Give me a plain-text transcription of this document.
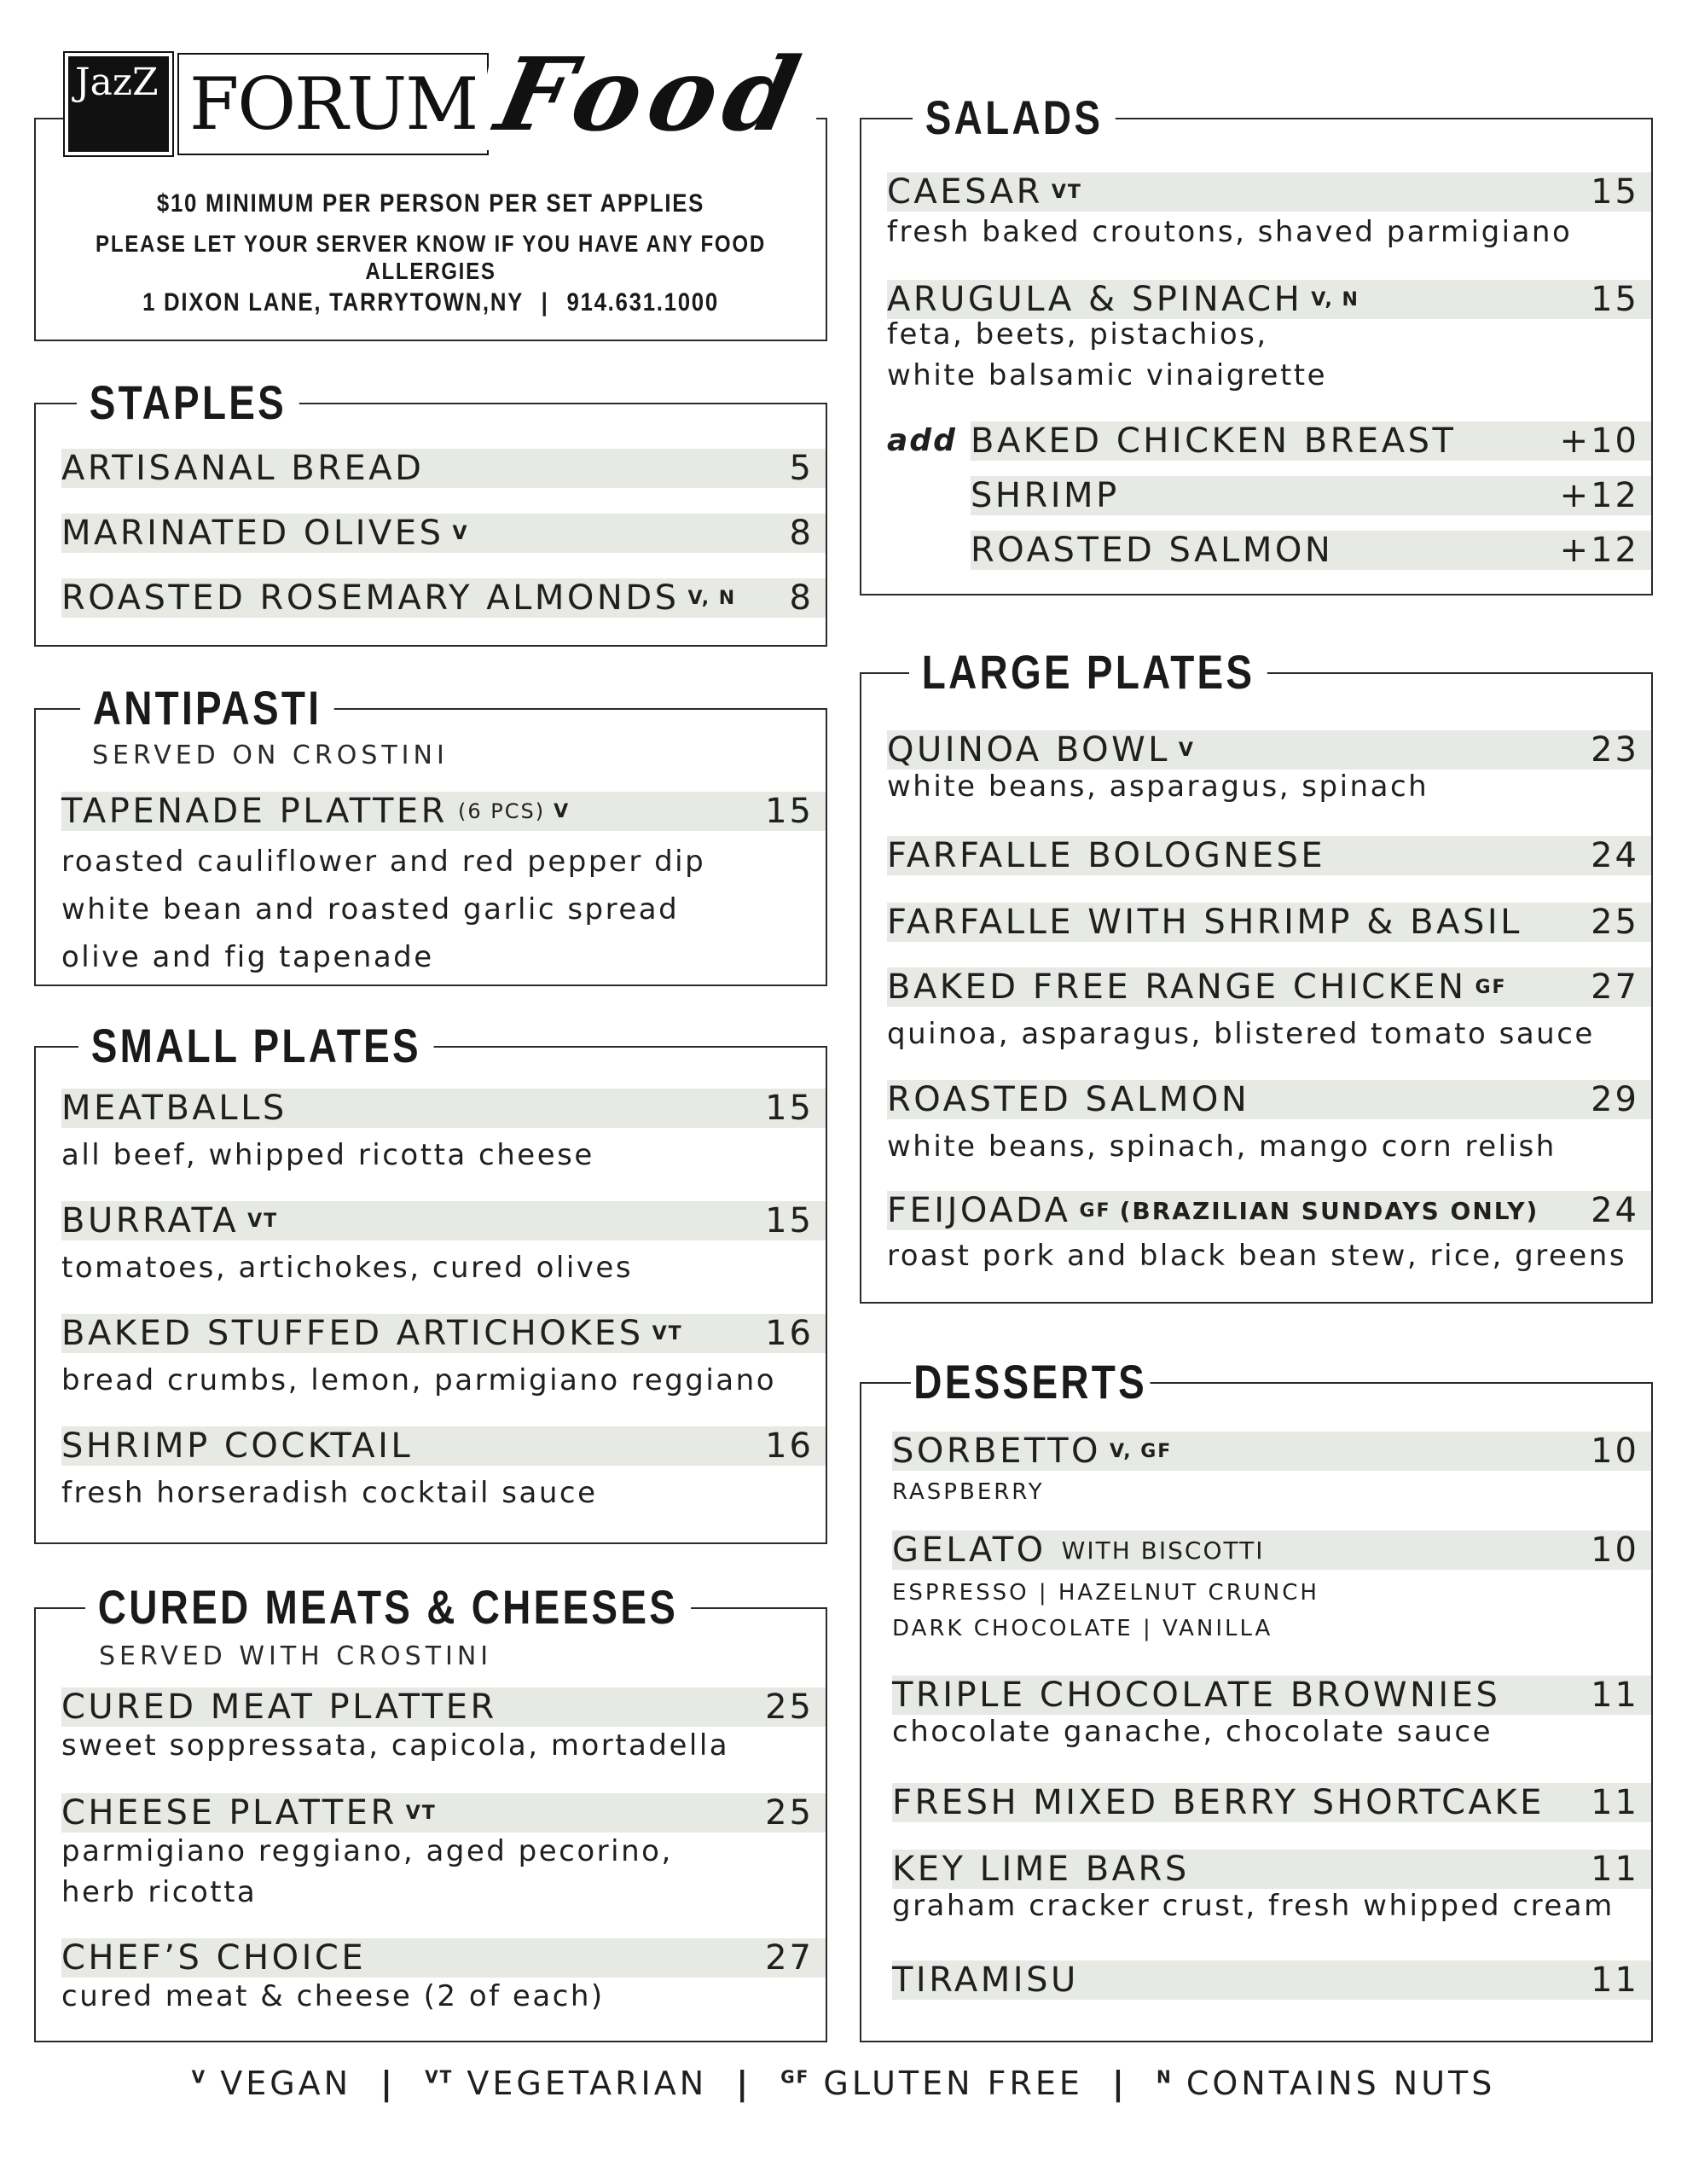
$10 MINIMUM PER PERSON PER SET APPLIES
PLEASE LET YOUR SERVER KNOW IF YOU HAVE ANY FOOD ALLERGIES
1 DIXON LANE, TARRYTOWN,NY | 914.631.1000
JazZ FORUM Food
STAPLES
ARTISANAL BREAD	5
MARINATED OLIVES V	8
ROASTED ROSEMARY ALMONDS V, N 8
ANTIPASTI
SERVED ON CROSTINI
TAPENADE PLATTER (6 PCS) V	15
roasted cauliflower and red pepper dip
white bean and roasted garlic spread
olive and fig tapenade
SMALL PLATES
MEATBALLS	15
all beef, whipped ricotta cheese
BURRATA VT	15
tomatoes, artichokes, cured olives
BAKED STUFFED ARTICHOKES VT 16
bread crumbs, lemon, parmigiano reggiano
SHRIMP COCKTAIL	16
fresh horseradish cocktail sauce
CURED MEATS & CHEESES
SERVED WITH CROSTINI
CURED MEAT PLATTER	25
sweet soppressata, capicola, mortadella
CHEESE PLATTER VT	25
parmigiano reggiano, aged pecorino,
herb ricotta
CHEF’S CHOICE	27
cured meat & cheese (2 of each)
SALADS
CAESAR VT	15
fresh baked croutons, shaved parmigiano
ARUGULA & SPINACH V, N	15
feta, beets, pistachios,
white balsamic vinaigrette
add BAKED CHICKEN BREAST	+10
SHRIMP	+12
ROASTED SALMON	+12
LARGE PLATES
QUINOA BOWL V	23
white beans, asparagus, spinach
FARFALLE BOLOGNESE	24
FARFALLE WITH SHRIMP & BASIL 25
BAKED FREE RANGE CHICKEN GF 27
quinoa, asparagus, blistered tomato sauce
ROASTED SALMON	29
white beans, spinach, mango corn relish
FEIJOADA GF (BRAZILIAN SUNDAYS ONLY) 24
roast pork and black bean stew, rice, greens
DESSERTS
SORBETTO V, GF	10
RASPBERRY
GELATO WITH BISCOTTI	10
ESPRESSO | HAZELNUT CRUNCH
DARK CHOCOLATE | VANILLA
TRIPLE CHOCOLATE BROWNIES	11
chocolate ganache, chocolate sauce
FRESH MIXED BERRY SHORTCAKE 11
KEY LIME BARS	11
graham cracker crust, fresh whipped cream
TIRAMISU	11
$^V$ VEGAN | $^{VT}$ VEGETARIAN | $^{GF}$ GLUTEN FREE | $^N$ CONTAINS NUTS
